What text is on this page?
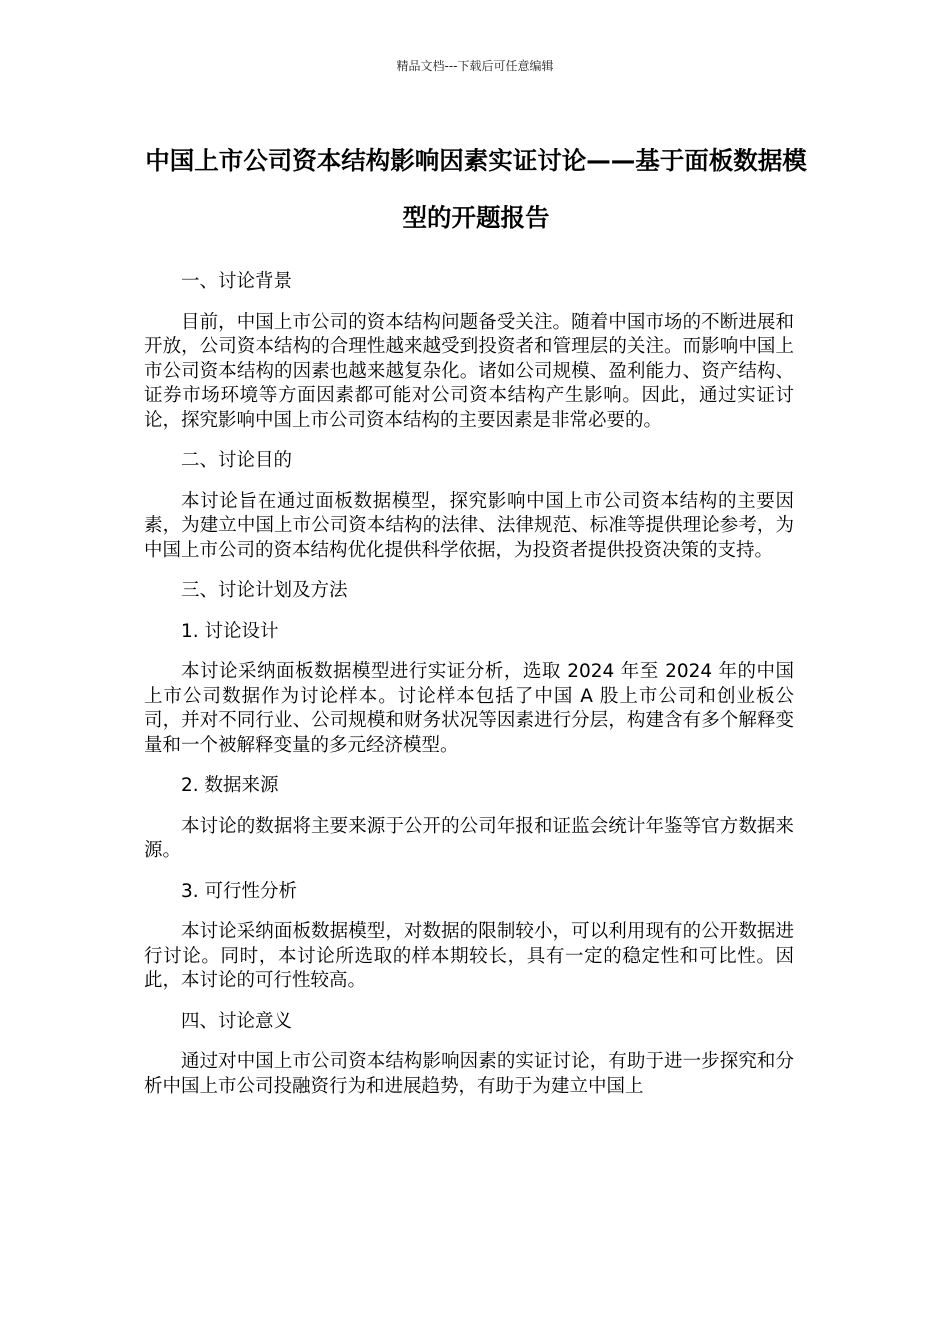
精品文档---下载后可任意编辑
中国上市公司资本结构影响因素实证讨论——基于面板数据模型的开题报告

一、讨论背景

目前，中国上市公司的资本结构问题备受关注。随着中国市场的不断进展和开放，公司资本结构的合理性越来越受到投资者和管理层的关注。而影响中国上市公司资本结构的因素也越来越复杂化。诸如公司规模、盈利能力、资产结构、证券市场环境等方面因素都可能对公司资本结构产生影响。因此，通过实证讨论，探究影响中国上市公司资本结构的主要因素是非常必要的。

二、讨论目的

本讨论旨在通过面板数据模型，探究影响中国上市公司资本结构的主要因素，为建立中国上市公司资本结构的法律、法律规范、标准等提供理论参考，为中国上市公司的资本结构优化提供科学依据，为投资者提供投资决策的支持。

三、讨论计划及方法

1. 讨论设计

本讨论采纳面板数据模型进行实证分析，选取 2024 年至 2024 年的中国上市公司数据作为讨论样本。讨论样本包括了中国 A 股上市公司和创业板公司，并对不同行业、公司规模和财务状况等因素进行分层，构建含有多个解释变量和一个被解释变量的多元经济模型。

2. 数据来源

本讨论的数据将主要来源于公开的公司年报和证监会统计年鉴等官方数据来源。

3. 可行性分析

本讨论采纳面板数据模型，对数据的限制较小，可以利用现有的公开数据进行讨论。同时，本讨论所选取的样本期较长，具有一定的稳定性和可比性。因此，本讨论的可行性较高。

四、讨论意义

通过对中国上市公司资本结构影响因素的实证讨论，有助于进一步探究和分析中国上市公司投融资行为和进展趋势，有助于为建立中国上
